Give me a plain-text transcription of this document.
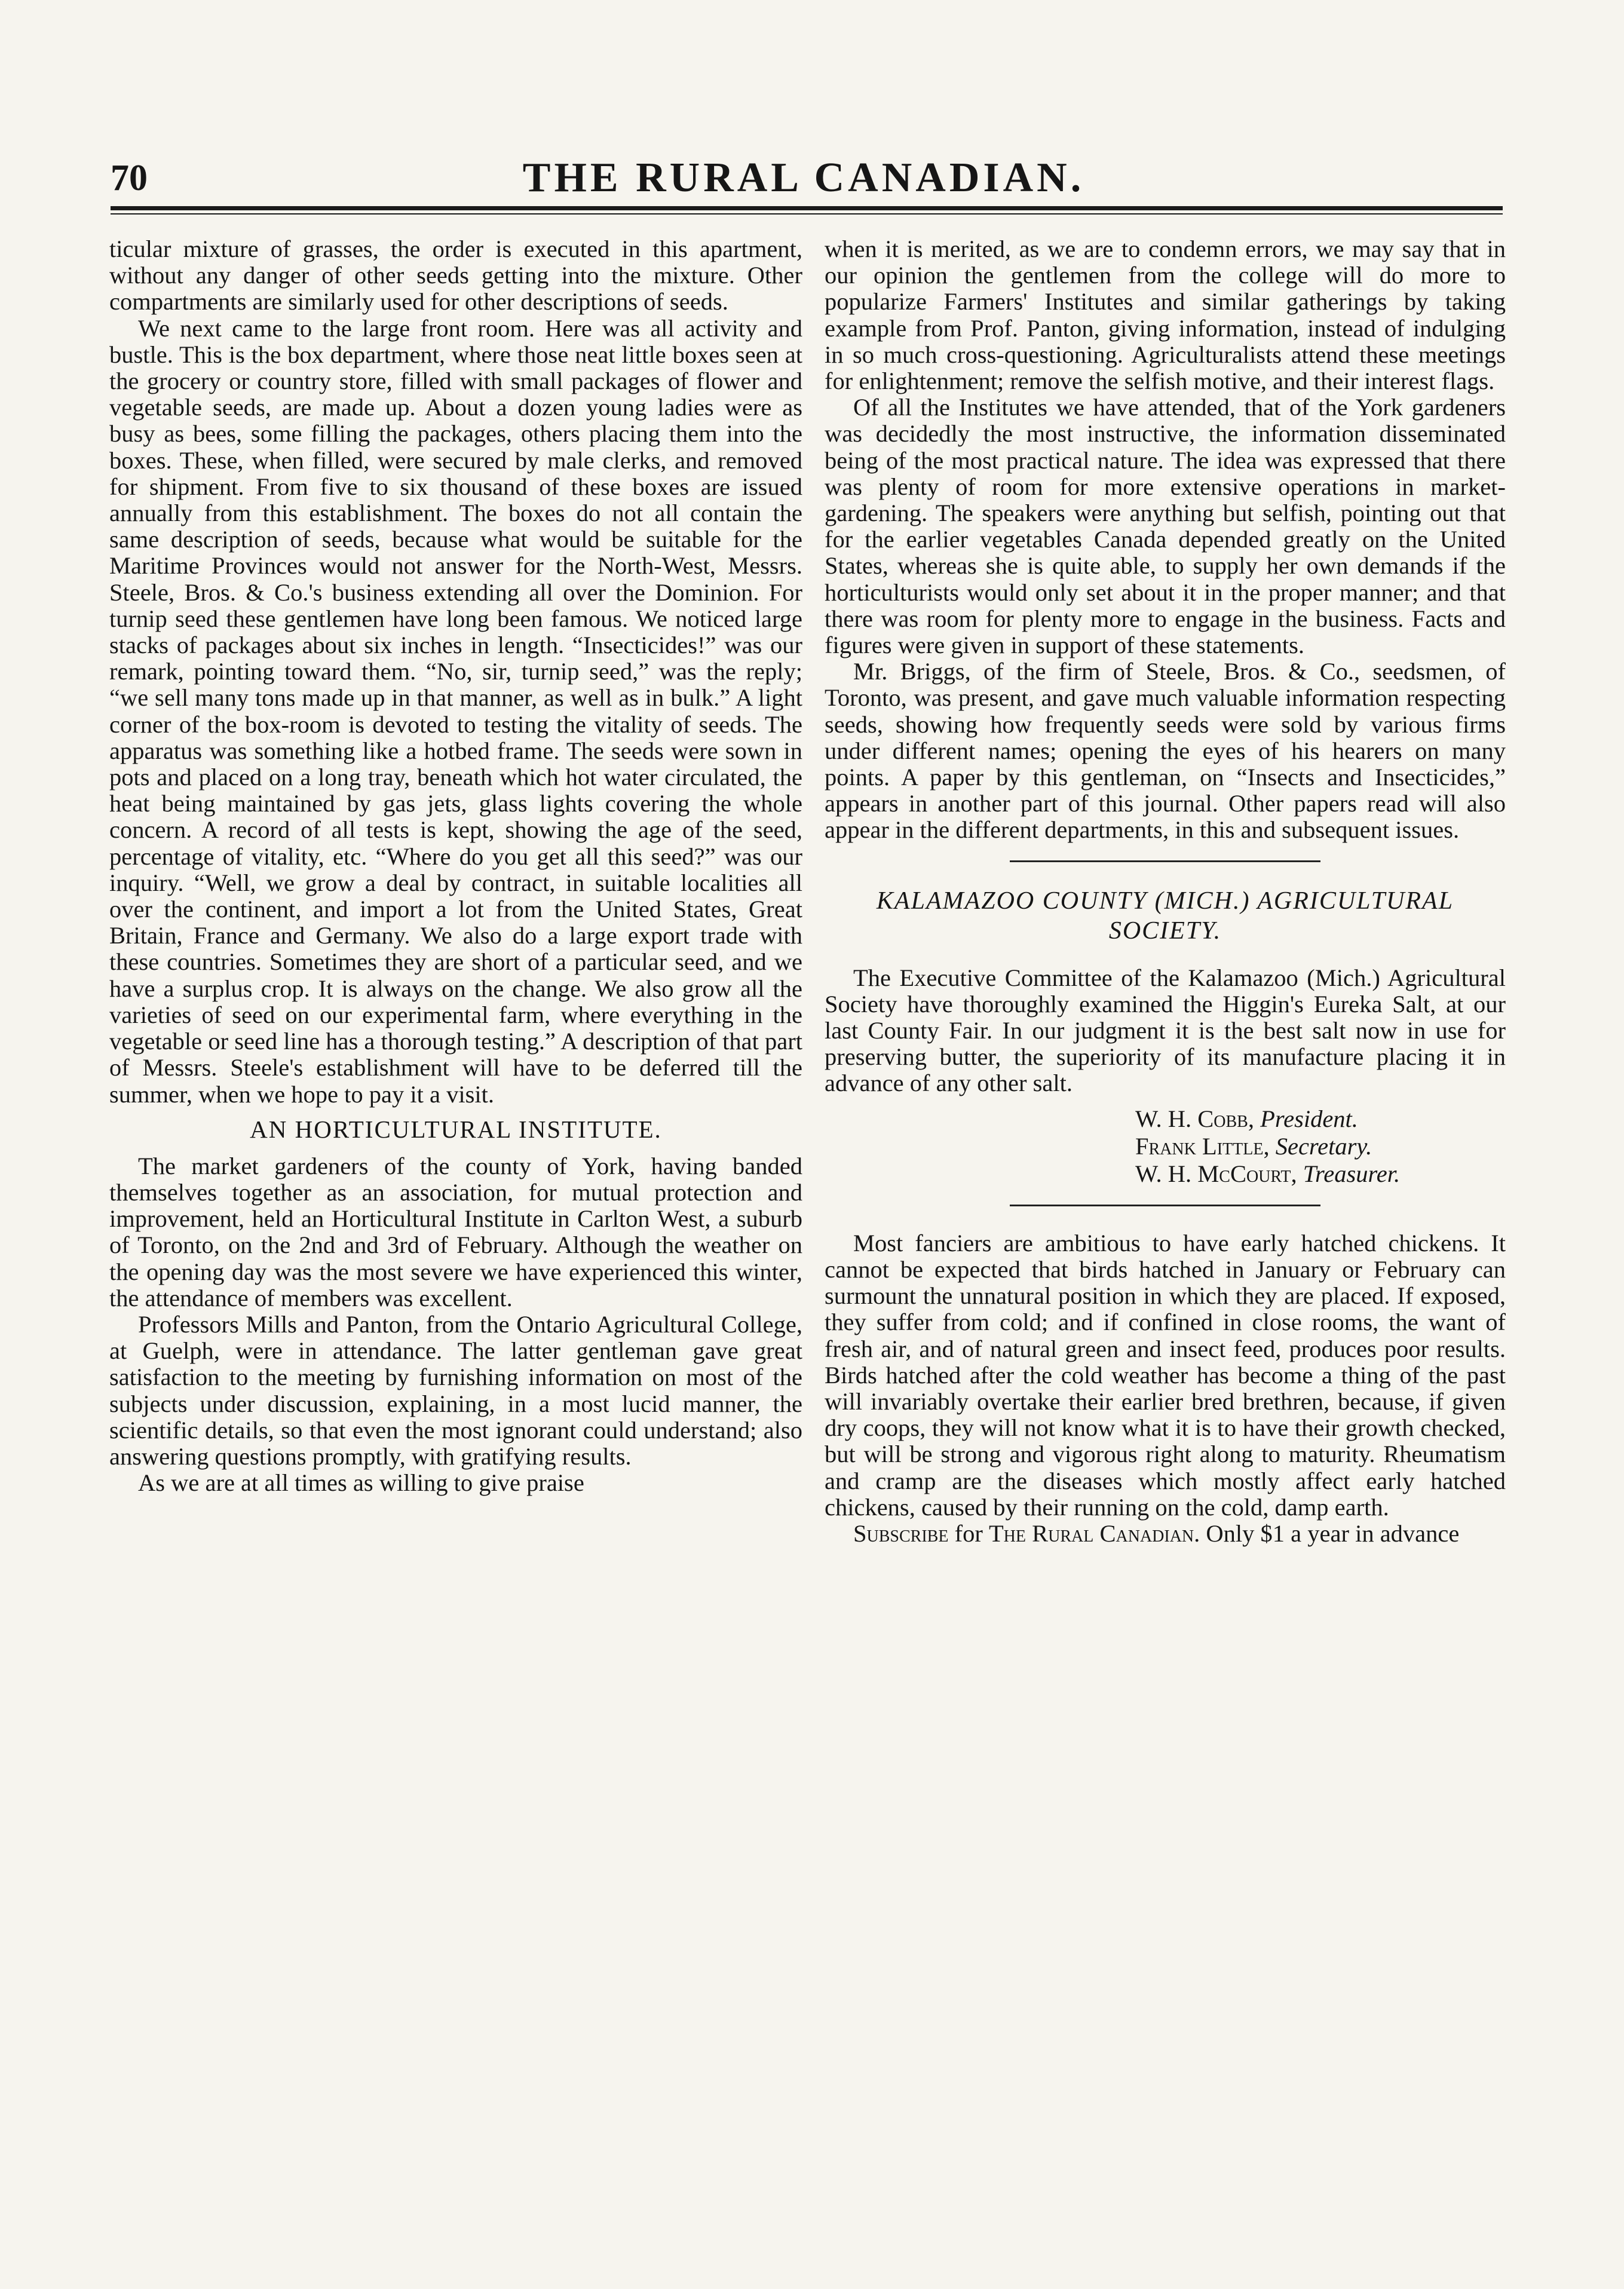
70	THE RURAL CANADIAN.

ticular mixture of grasses, the order is executed in this apartment, without any danger of other seeds getting into the mixture. Other compartments are similarly used for other descriptions of seeds.

We next came to the large front room. Here was all activity and bustle. This is the box department, where those neat little boxes seen at the grocery or country store, filled with small packages of flower and vegetable seeds, are made up. About a dozen young ladies were as busy as bees, some filling the packages, others placing them into the boxes. These, when filled, were secured by male clerks, and removed for shipment. From five to six thousand of these boxes are issued annually from this establishment. The boxes do not all contain the same description of seeds, because what would be suitable for the Maritime Provinces would not answer for the North-West, Messrs. Steele, Bros. & Co.'s business extending all over the Dominion. For turnip seed these gentlemen have long been famous. We noticed large stacks of packages about six inches in length. “Insecticides!” was our remark, pointing toward them. “No, sir, turnip seed,” was the reply; “we sell many tons made up in that manner, as well as in bulk.” A light corner of the box-room is devoted to testing the vitality of seeds. The apparatus was something like a hotbed frame. The seeds were sown in pots and placed on a long tray, beneath which hot water circulated, the heat being maintained by gas jets, glass lights covering the whole concern. A record of all tests is kept, showing the age of the seed, percentage of vitality, etc. “Where do you get all this seed?” was our inquiry. “Well, we grow a deal by contract, in suitable localities all over the continent, and import a lot from the United States, Great Britain, France and Germany. We also do a large export trade with these countries. Sometimes they are short of a particular seed, and we have a surplus crop. It is always on the change. We also grow all the varieties of seed on our experimental farm, where everything in the vegetable or seed line has a thorough testing.” A description of that part of Messrs. Steele's establishment will have to be deferred till the summer, when we hope to pay it a visit.

AN HORTICULTURAL INSTITUTE.

The market gardeners of the county of York, having banded themselves together as an association, for mutual protection and improvement, held an Horticultural Institute in Carlton West, a suburb of Toronto, on the 2nd and 3rd of February. Although the weather on the opening day was the most severe we have experienced this winter, the attendance of members was excellent.

Professors Mills and Panton, from the Ontario Agricultural College, at Guelph, were in attendance. The latter gentleman gave great satisfaction to the meeting by furnishing information on most of the subjects under discussion, explaining, in a most lucid manner, the scientific details, so that even the most ignorant could understand; also answering questions promptly, with gratifying results.

As we are at all times as willing to give praise

when it is merited, as we are to condemn errors, we may say that in our opinion the gentlemen from the college will do more to popularize Farmers' Institutes and similar gatherings by taking example from Prof. Panton, giving information, instead of indulging in so much cross-questioning. Agriculturalists attend these meetings for enlightenment; remove the selfish motive, and their interest flags.

Of all the Institutes we have attended, that of the York gardeners was decidedly the most instructive, the information disseminated being of the most practical nature. The idea was expressed that there was plenty of room for more extensive operations in market-gardening. The speakers were anything but selfish, pointing out that for the earlier vegetables Canada depended greatly on the United States, whereas she is quite able, to supply her own demands if the horticulturists would only set about it in the proper manner; and that there was room for plenty more to engage in the business. Facts and figures were given in support of these statements.

Mr. Briggs, of the firm of Steele, Bros. & Co., seedsmen, of Toronto, was present, and gave much valuable information respecting seeds, showing how frequently seeds were sold by various firms under different names; opening the eyes of his hearers on many points. A paper by this gentleman, on “Insects and Insecticides,” appears in another part of this journal. Other papers read will also appear in the different departments, in this and subsequent issues.

KALAMAZOO COUNTY (MICH.) AGRICULTURAL SOCIETY.

The Executive Committee of the Kalamazoo (Mich.) Agricultural Society have thoroughly examined the Higgin's Eureka Salt, at our last County Fair. In our judgment it is the best salt now in use for preserving butter, the superiority of its manufacture placing it in advance of any other salt.

W. H. Cobb, President.
Frank Little, Secretary.
W. H. McCourt, Treasurer.

Most fanciers are ambitious to have early hatched chickens. It cannot be expected that birds hatched in January or February can surmount the unnatural position in which they are placed. If exposed, they suffer from cold; and if confined in close rooms, the want of fresh air, and of natural green and insect feed, produces poor results. Birds hatched after the cold weather has become a thing of the past will invariably overtake their earlier bred brethren, because, if given dry coops, they will not know what it is to have their growth checked, but will be strong and vigorous right along to maturity. Rheumatism and cramp are the diseases which mostly affect early hatched chickens, caused by their running on the cold, damp earth.

Subscribe for The Rural Canadian. Only $1 a year in advance
